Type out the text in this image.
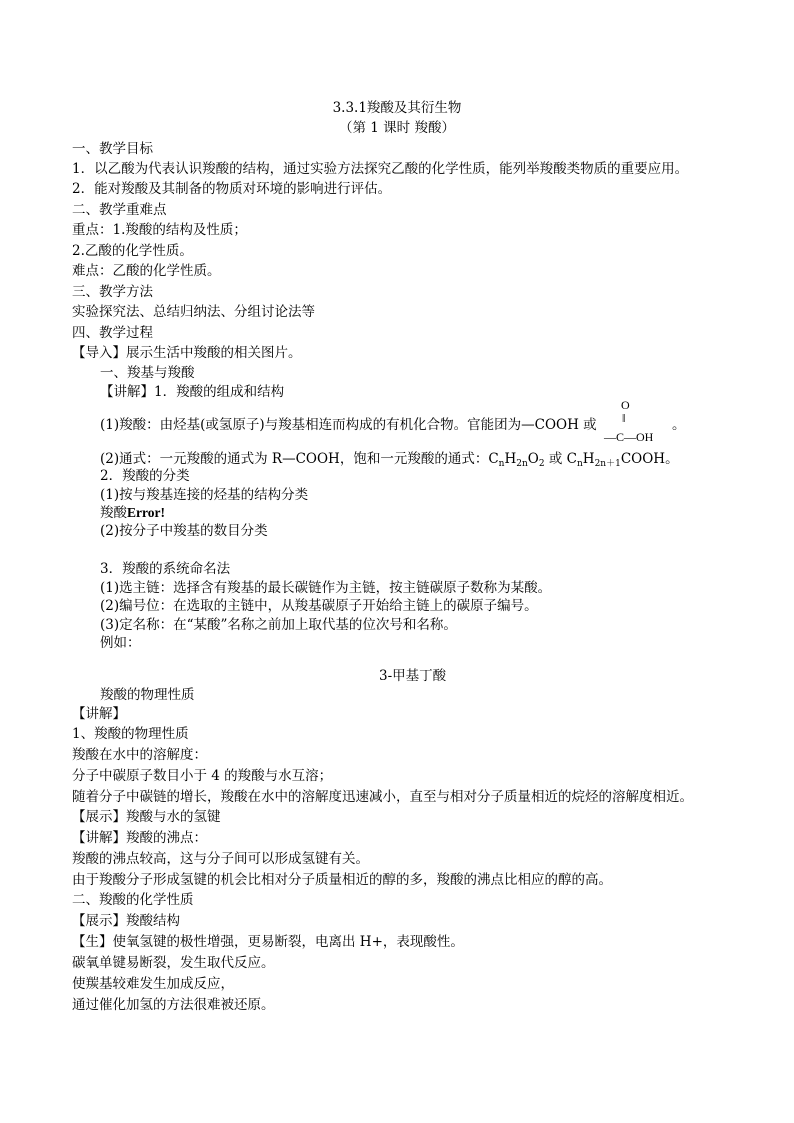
3.3.1羧酸及其衍生物
（第 1 课时 羧酸）
一、教学目标
1．以乙酸为代表认识羧酸的结构，通过实验方法探究乙酸的化学性质，能列举羧酸类物质的重要应用。
2．能对羧酸及其制备的物质对环境的影响进行评估。
二、教学重难点
重点：1.羧酸的结构及性质；
2.乙酸的化学性质。
难点：乙酸的化学性质。
三、教学方法
实验探究法、总结归纳法、分组讨论法等
四、教学过程
【导入】展示生活中羧酸的相关图片。
一、羧基与羧酸
【讲解】1．羧酸的组成和结构
(1)羧酸：由烃基(或氢原子)与羧基相连而构成的有机化合物。官能团为—COOH 或
O
‖
—C—OH
。
(2)通式：一元羧酸的通式为 R—COOH，饱和一元羧酸的通式：$C_nH_{2n}O_2$ 或 $C_nH_{2n+1}COOH$。
2．羧酸的分类
(1)按与羧基连接的烃基的结构分类
羧酸Error!
(2)按分子中羧基的数目分类
3．羧酸的系统命名法
(1)选主链：选择含有羧基的最长碳链作为主链，按主链碳原子数称为某酸。
(2)编号位：在选取的主链中，从羧基碳原子开始给主链上的碳原子编号。
(3)定名称：在“某酸”名称之前加上取代基的位次号和名称。
例如：
3-甲基丁酸
羧酸的物理性质
【讲解】
1、羧酸的物理性质
羧酸在水中的溶解度：
分子中碳原子数目小于 4 的羧酸与水互溶；
随着分子中碳链的增长，羧酸在水中的溶解度迅速减小，直至与相对分子质量相近的烷烃的溶解度相近。
【展示】羧酸与水的氢键
【讲解】羧酸的沸点：
羧酸的沸点较高，这与分子间可以形成氢键有关。
由于羧酸分子形成氢键的机会比相对分子质量相近的醇的多，羧酸的沸点比相应的醇的高。
二、羧酸的化学性质
【展示】羧酸结构
【生】使氧氢键的极性增强，更易断裂，电离出 H+，表现酸性。
碳氧单键易断裂，发生取代反应。
使羰基较难发生加成反应，
通过催化加氢的方法很难被还原。
